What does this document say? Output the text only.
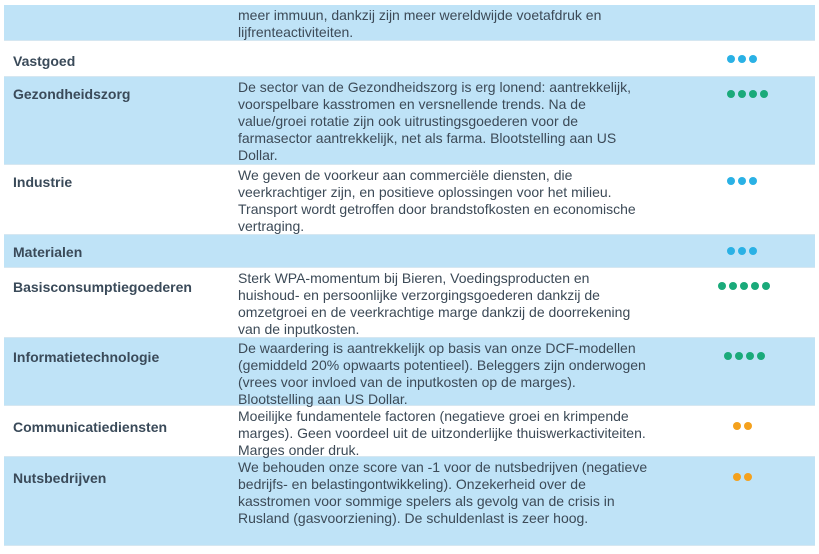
meer immuun, dankzij zijn meer wereldwijde voetafdruk en lijfrenteactiviteiten.
Vastgoed
Gezondheidszorg	De sector van de Gezondheidszorg is erg lonend: aantrekkelijk, voorspelbare kasstromen en versnellende trends. Na de value/groei rotatie zijn ook uitrustingsgoederen voor de farmasector aantrekkelijk, net als farma. Blootstelling aan US Dollar.
Industrie	We geven de voorkeur aan commerciële diensten, die veerkrachtiger zijn, en positieve oplossingen voor het milieu. Transport wordt getroffen door brandstofkosten en economische vertraging.
Materialen
Basisconsumptiegoederen
Sterk WPA-momentum bij Bieren, Voedingsproducten en huishoud- en persoonlijke verzorgingsgoederen dankzij de omzetgroei en de veerkrachtige marge dankzij de doorrekening van de inputkosten.
Informatietechnologie
De waardering is aantrekkelijk op basis van onze DCF-modellen (gemiddeld 20% opwaarts potentieel). Beleggers zijn onderwogen (vrees voor invloed van de inputkosten op de marges). Blootstelling aan US Dollar.
Communicatiediensten
Moeilijke fundamentele factoren (negatieve groei en krimpende marges). Geen voordeel uit de uitzonderlijke thuiswerkactiviteiten. Marges onder druk.
Nutsbedrijven
We behouden onze score van -1 voor de nutsbedrijven (negatieve bedrijfs- en belastingontwikkeling). Onzekerheid over de kasstromen voor sommige spelers als gevolg van de crisis in Rusland (gasvoorziening). De schuldenlast is zeer hoog.
